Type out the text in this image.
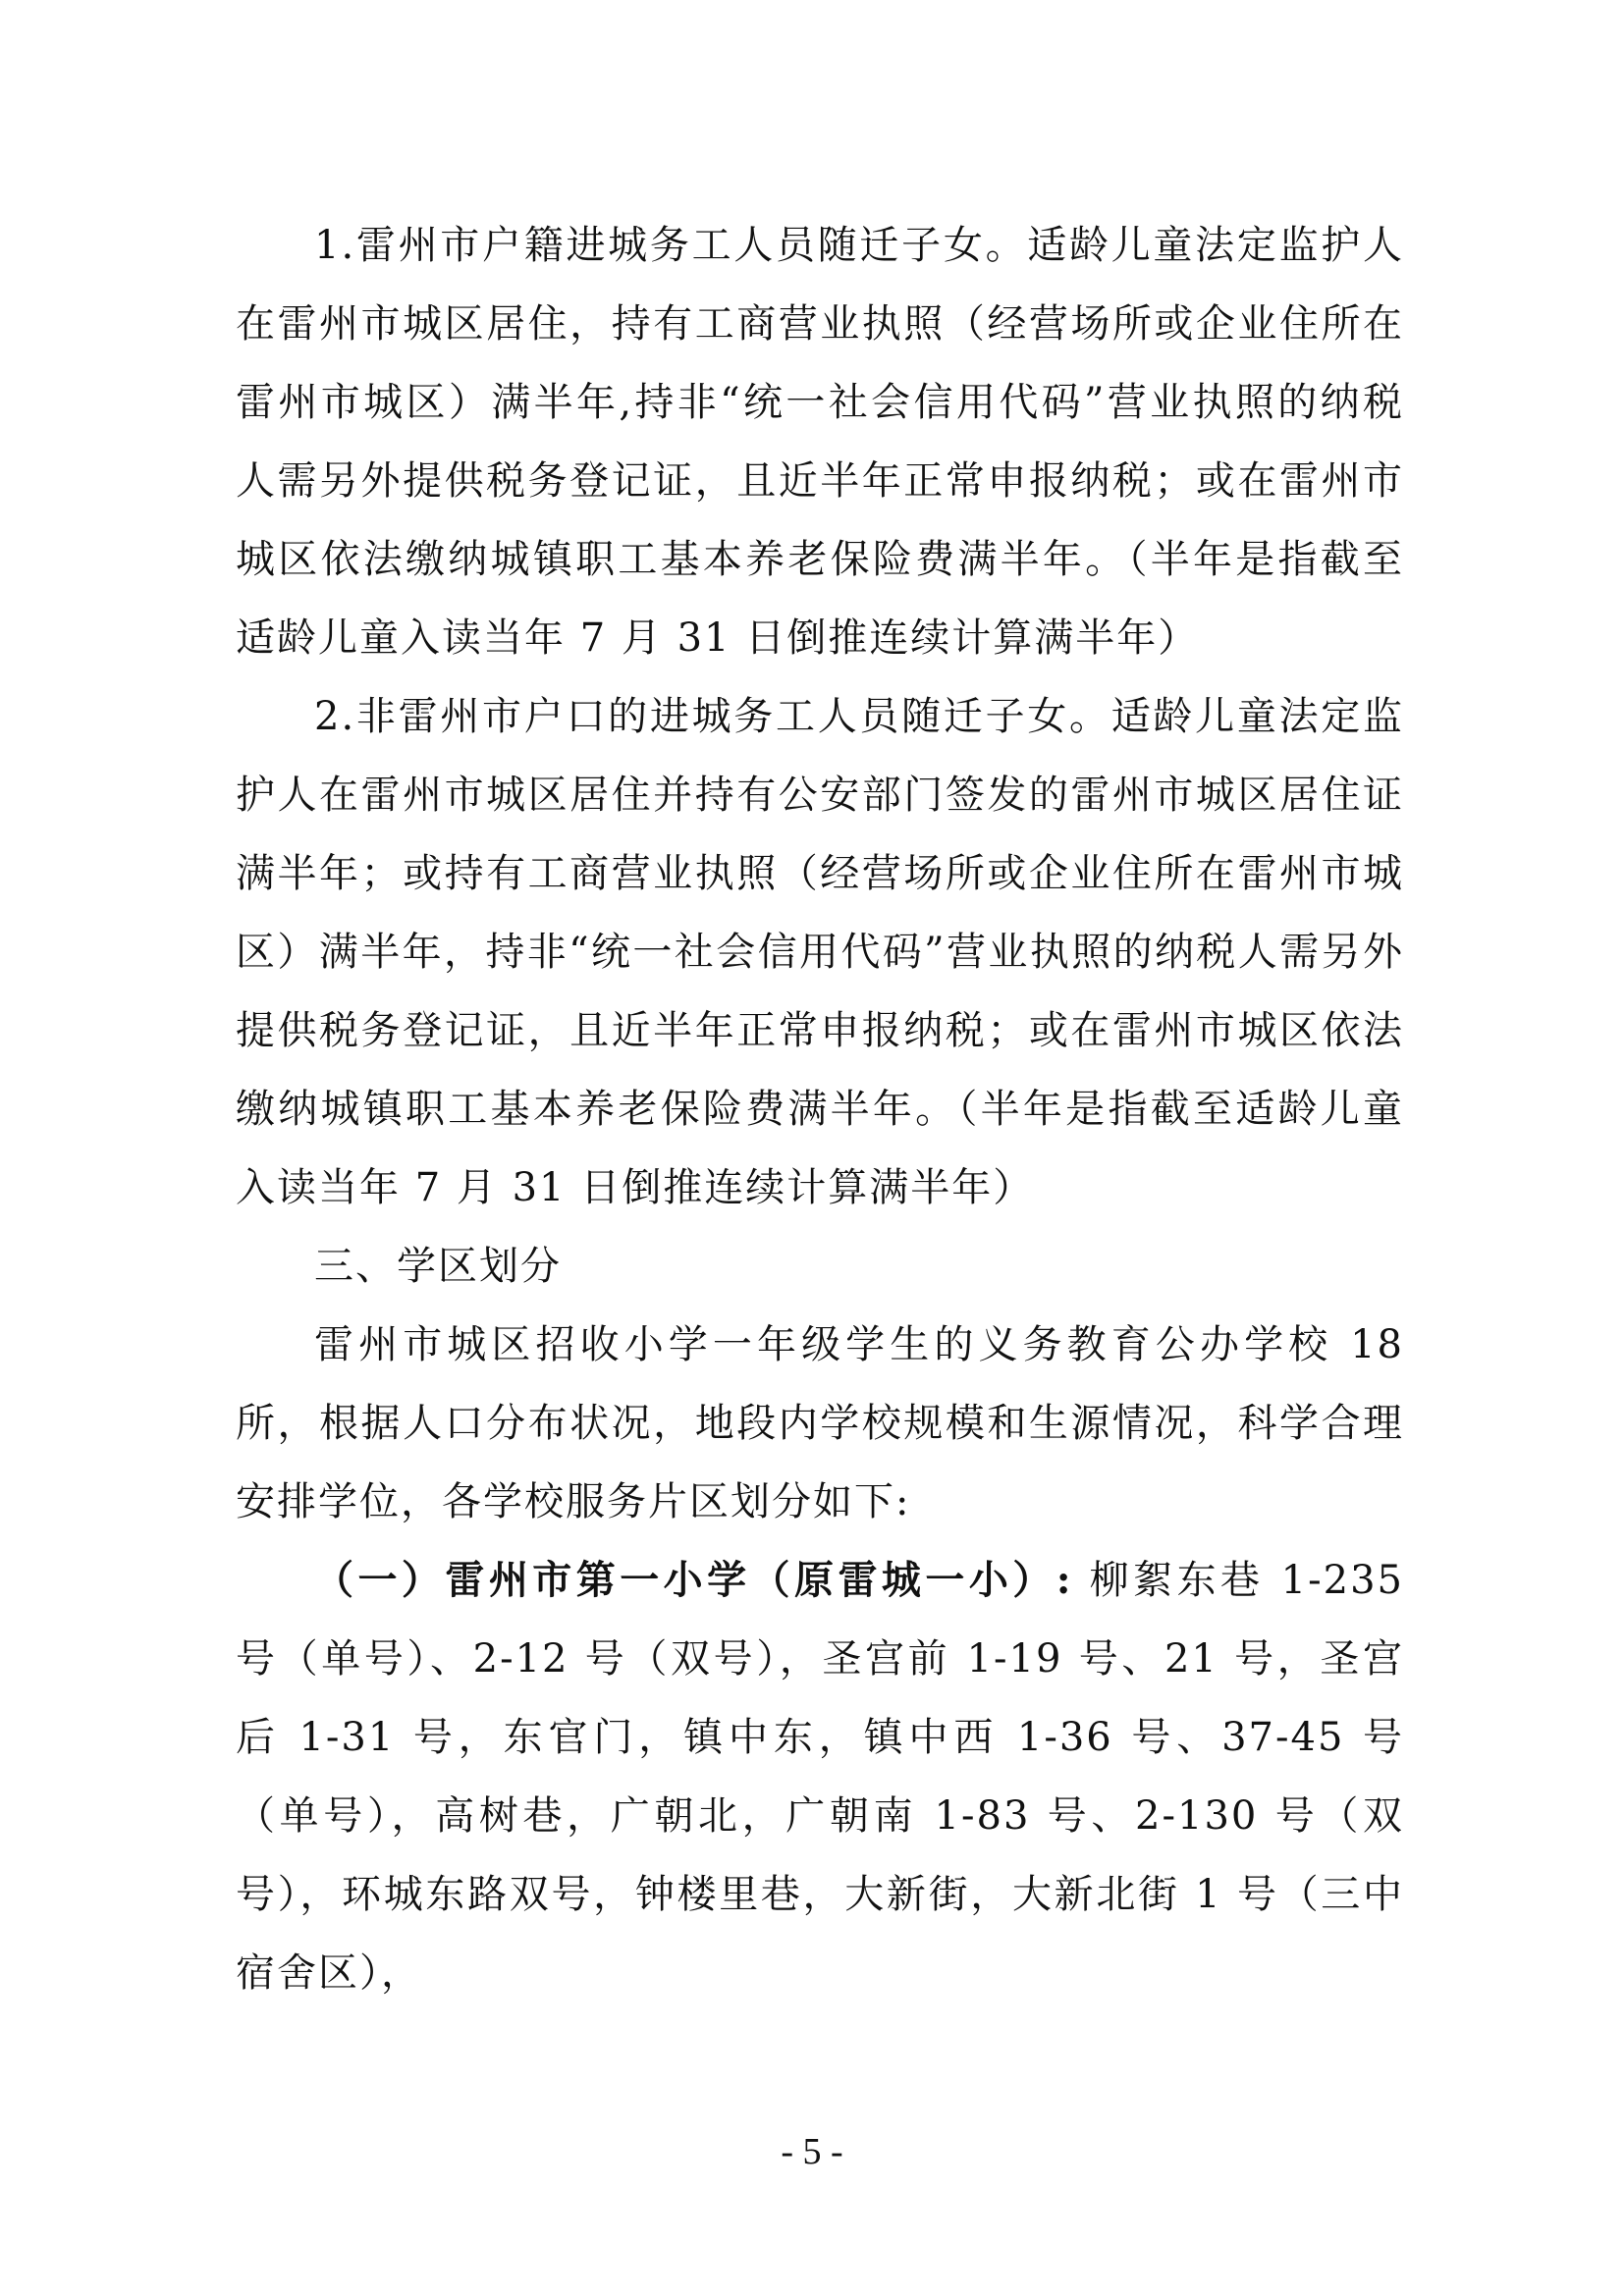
1.雷州市户籍进城务工人员随迁子女。适龄儿童法定监护人在雷州市城区居住，持有工商营业执照（经营场所或企业住所在雷州市城区）满半年,持非“统一社会信用代码”营业执照的纳税人需另外提供税务登记证，且近半年正常申报纳税；或在雷州市城区依法缴纳城镇职工基本养老保险费满半年。（半年是指截至适龄儿童入读当年 7 月 31 日倒推连续计算满半年）

2.非雷州市户口的进城务工人员随迁子女。适龄儿童法定监护人在雷州市城区居住并持有公安部门签发的雷州市城区居住证满半年；或持有工商营业执照（经营场所或企业住所在雷州市城区）满半年，持非“统一社会信用代码”营业执照的纳税人需另外提供税务登记证，且近半年正常申报纳税；或在雷州市城区依法缴纳城镇职工基本养老保险费满半年。（半年是指截至适龄儿童入读当年 7 月 31 日倒推连续计算满半年）

三、学区划分

雷州市城区招收小学一年级学生的义务教育公办学校 18 所，根据人口分布状况，地段内学校规模和生源情况，科学合理安排学位，各学校服务片区划分如下:

（一）雷州市第一小学（原雷城一小）: 柳絮东巷 1-235 号（单号）、2-12 号（双号），圣宫前 1-19 号、21 号，圣宫后 1-31 号，东官门，镇中东，镇中西 1-36 号、37-45 号（单号），高树巷，广朝北，广朝南 1-83 号、2-130 号（双号），环城东路双号，钟楼里巷，大新街，大新北街 1 号（三中宿舍区），

- 5 -
